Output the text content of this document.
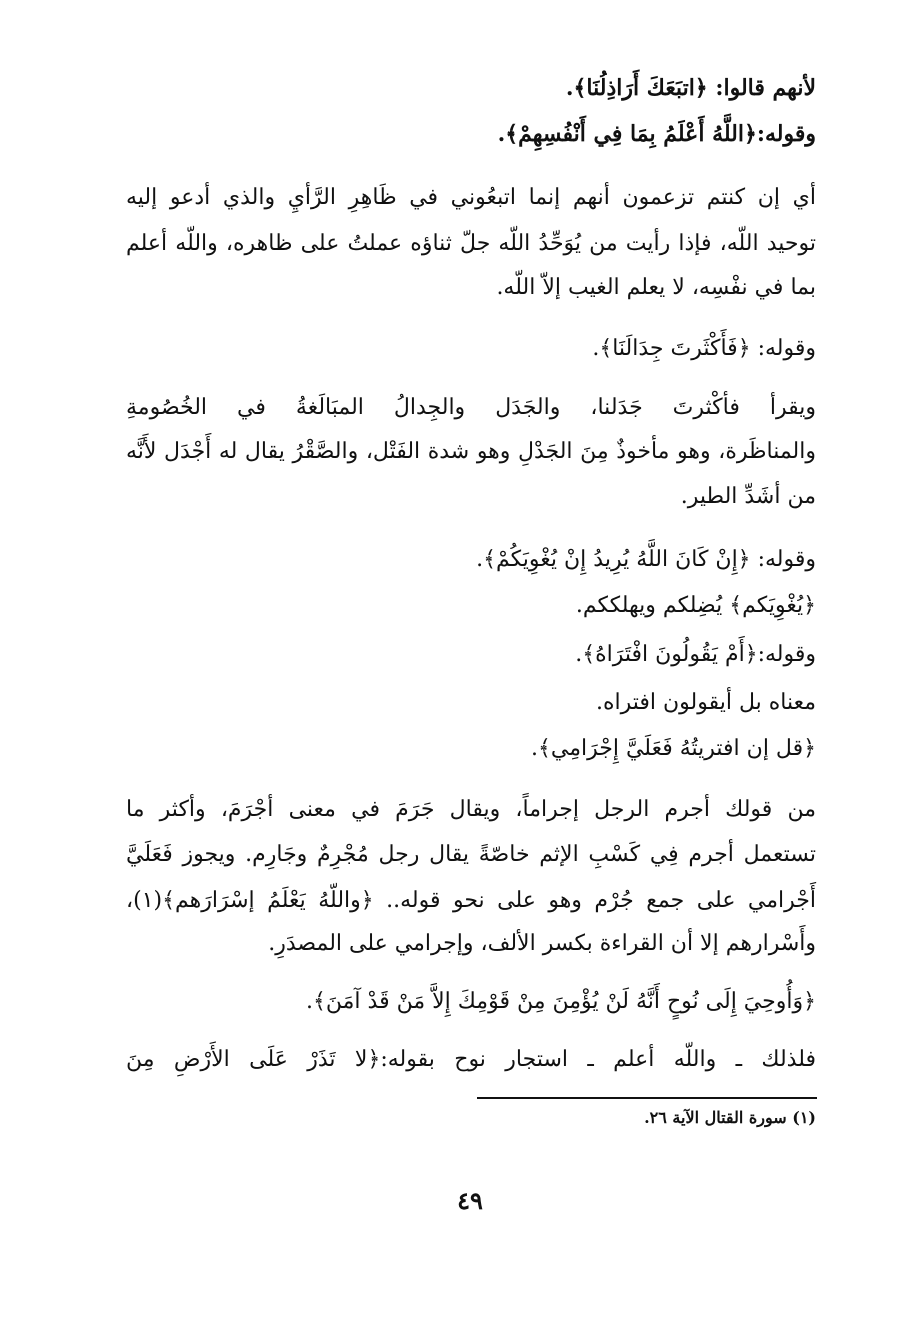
لأنهم قالوا: ﴿اتبَعَكَ أَرَاذِلُنَا﴾.
وقوله:﴿اللَّهُ أَعْلَمُ بِمَا فِي أَنْفُسِهِمْ﴾.
أي إن كنتم تزعمون أنهم إنما اتبعُوني في ظَاهِرِ الرَّأيِ والذي أدعو إليه
توحيد اللّه، فإذا رأيت من يُوَحِّدُ اللّه جلّ ثناؤه عملتُ على ظاهره، واللّه أعلم
بما في نفْسِه، لا يعلم الغيب إلاّ اللّه.
وقوله: ﴿فَأَكْثَرتَ جِدَالَنَا﴾.
ويقرأ فأكْثرتَ جَدَلنا، والجَدَل والجِدالُ المبَالَغةُ في الخُصُومةِ
والمناظَرة، وهو مأخوذٌ مِنَ الجَدْلِ وهو شدة الفَتْل، والصَّقْرُ يقال له أَجْدَل لأَنَّه
من أشَدِّ الطير.
وقوله: ﴿إِنْ كَانَ اللَّهُ يُرِيدُ إِنْ يُغْوِيَكُمْ﴾.
﴿يُغْوِيَكم﴾ يُضِلكم ويهلككم.
وقوله:﴿أَمْ يَقُولُونَ افْتَرَاهُ﴾.
معناه بل أيقولون افتراه.
﴿قل إن افتريتُهُ فَعَلَيَّ إِجْرَامِي﴾.
من قولك أجرم الرجل إجراماً، ويقال جَرَمَ في معنى أجْرَمَ، وأكثر ما
تستعمل أجرم فِي كَسْبِ الإثم خاصّةً يقال رجل مُجْرِمٌ وجَارِم. ويجوز فَعَلَيَّ
أَجْرامي على جمع جُرْم وهو على نحو قوله.. ﴿واللّهُ يَعْلَمُ إسْرَارَهم﴾(١)،
وأَسْرارهم إلا أن القراءة بكسر الألف، وإجرامي على المصدَرِ.
﴿وَأُوحِيَ إِلَى نُوحٍ أَنَّهُ لَنْ يُؤْمِنَ مِنْ قَوْمِكَ إِلاَّ مَنْ قَدْ آمَنَ﴾.
فلذلك ـ واللّه أعلم ـ استجار نوح بقوله:﴿لا تَذَرْ عَلَى الأَرْضِ مِنَ
(١) سورة القتال الآية ٢٦.
٤٩
